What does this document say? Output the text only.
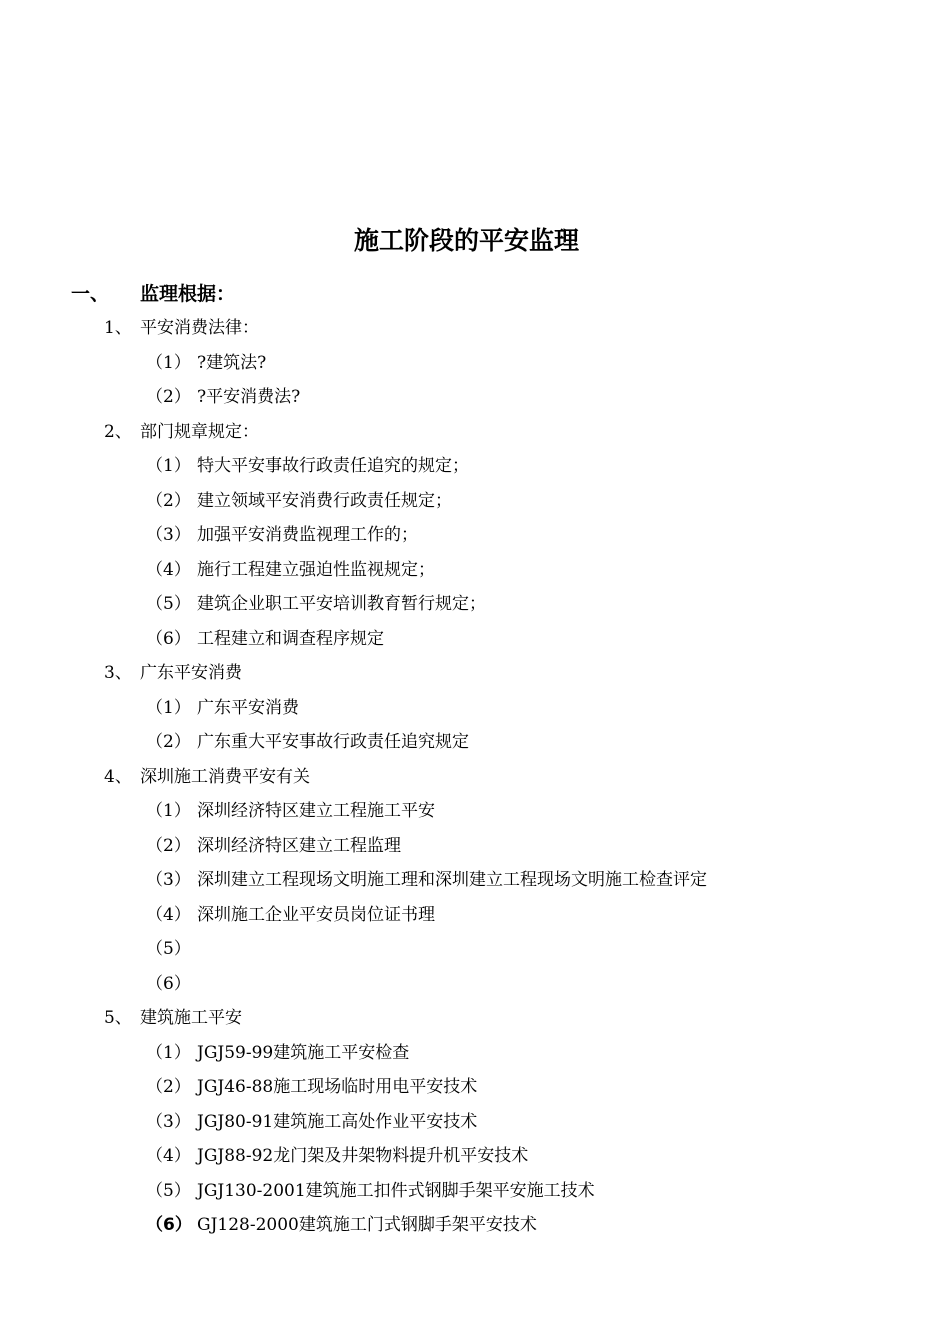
施工阶段的平安监理
一、 监理根据：
1、 平安消费法律：
（1） ?建筑法?
（2） ?平安消费法?
2、 部门规章规定：
（1） 特大平安事故行政责任追究的规定；
（2） 建立领域平安消费行政责任规定；
（3） 加强平安消费监视理工作的；
（4） 施行工程建立强迫性监视规定；
（5） 建筑企业职工平安培训教育暂行规定；
（6） 工程建立和调查程序规定
3、 广东平安消费
（1） 广东平安消费
（2） 广东重大平安事故行政责任追究规定
4、 深圳施工消费平安有关
（1） 深圳经济特区建立工程施工平安
（2） 深圳经济特区建立工程监理
（3） 深圳建立工程现场文明施工理和深圳建立工程现场文明施工检查评定
（4） 深圳施工企业平安员岗位证书理
（5）
（6）
5、 建筑施工平安
（1） JGJ59-99建筑施工平安检查
（2） JGJ46-88施工现场临时用电平安技术
（3） JGJ80-91建筑施工高处作业平安技术
（4） JGJ88-92龙门架及井架物料提升机平安技术
（5） JGJ130-2001建筑施工扣件式钢脚手架平安施工技术
（6） GJ128-2000建筑施工门式钢脚手架平安技术
